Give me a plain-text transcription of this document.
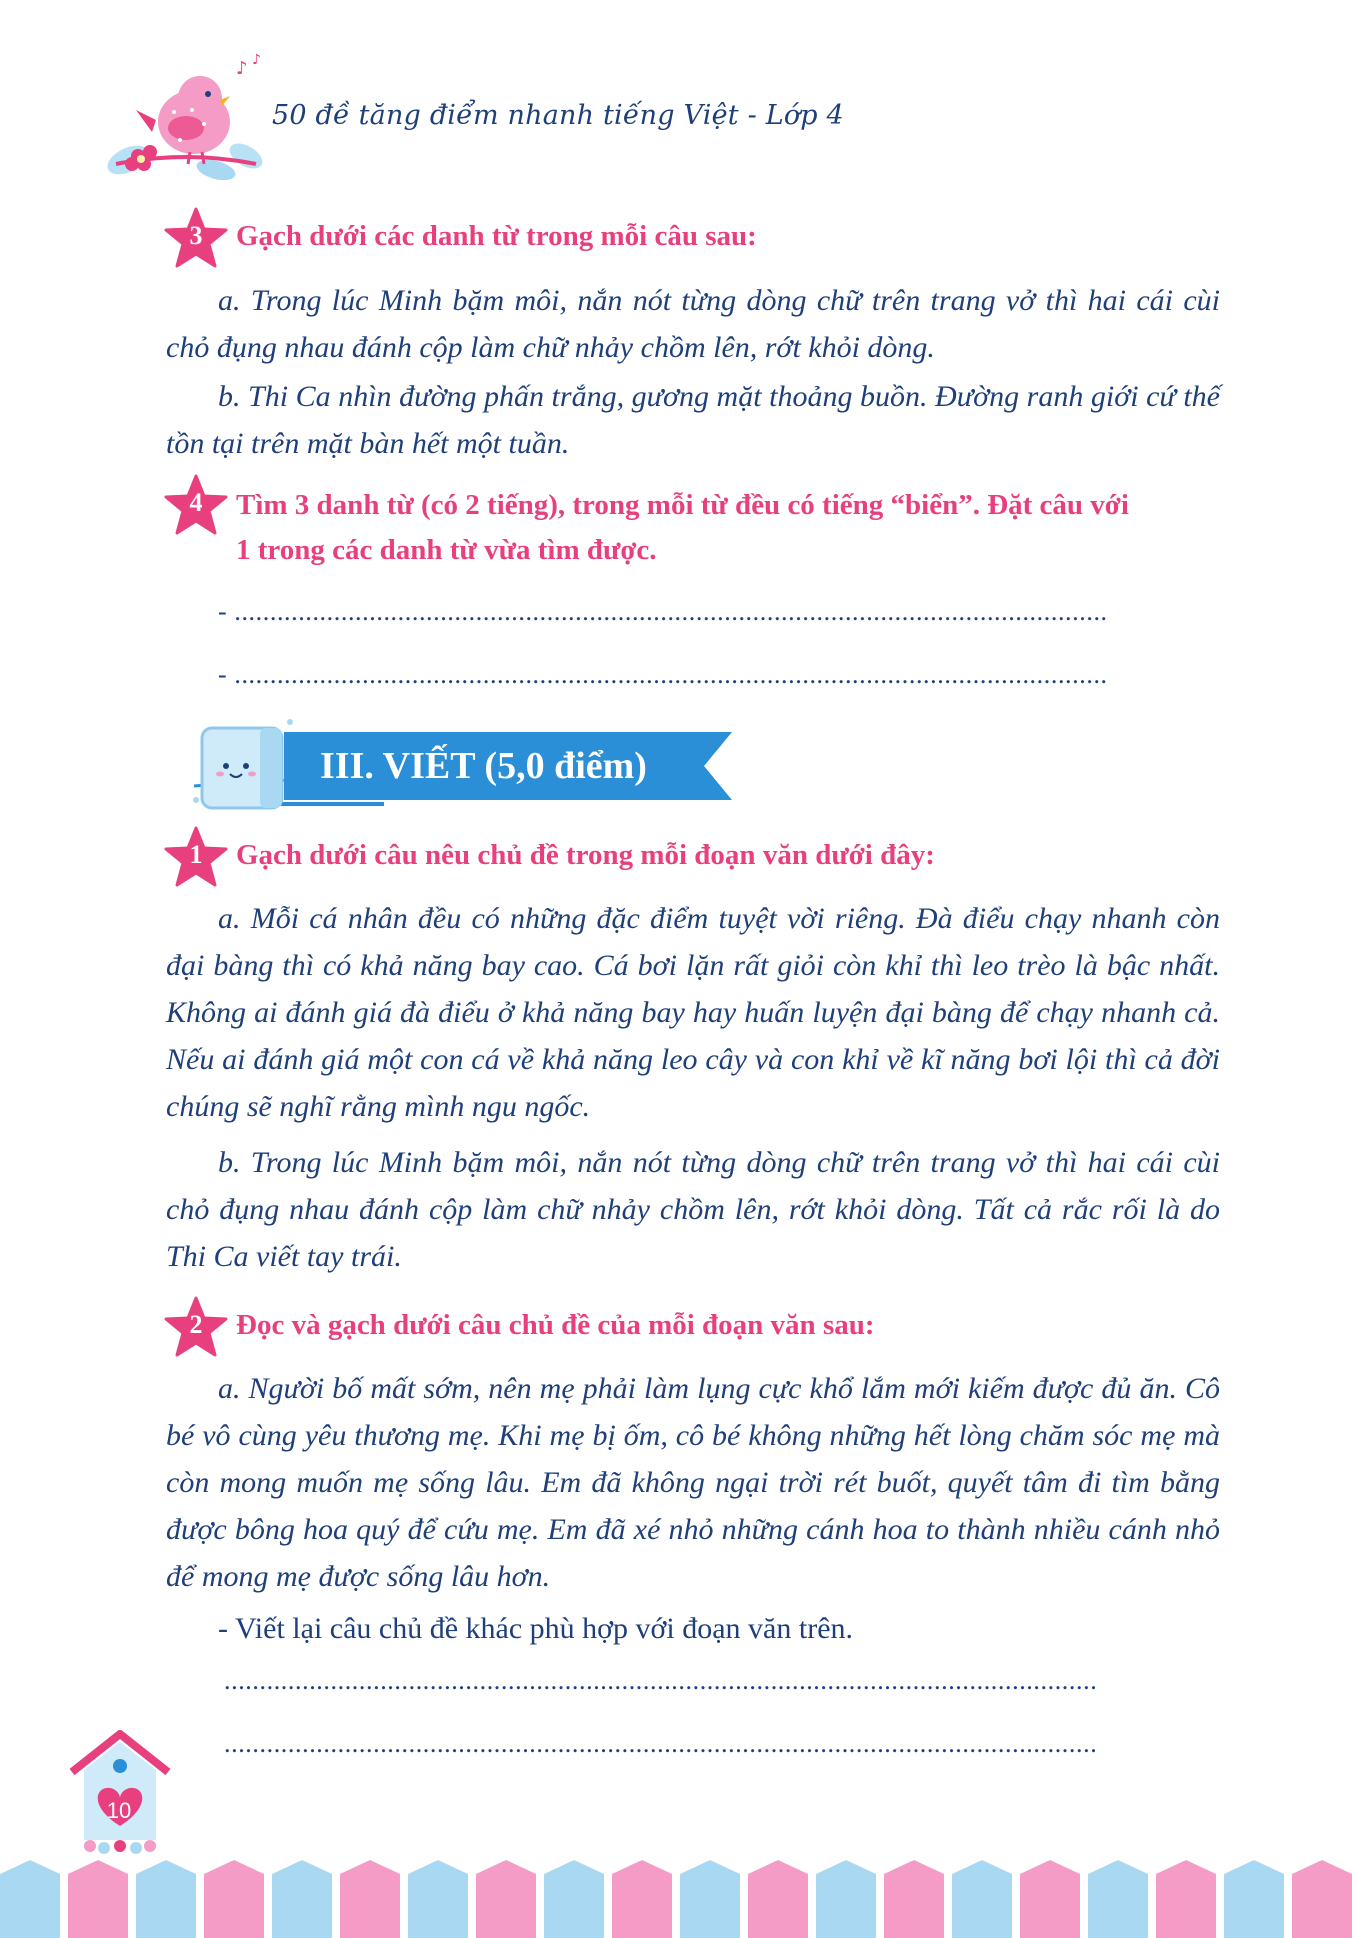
♪ ♪
50 đề tăng điểm nhanh tiếng Việt - Lớp 4
3	Gạch dưới các danh từ trong mỗi câu sau:
a. Trong lúc Minh bặm môi, nắn nót từng dòng chữ trên trang vở thì hai cái cùi chỏ đụng nhau đánh cộp làm chữ nhảy chồm lên, rớt khỏi dòng.
b. Thi Ca nhìn đường phấn trắng, gương mặt thoảng buồn. Đường ranh giới cứ thế tồn tại trên mặt bàn hết một tuần.
4	Tìm 3 danh từ (có 2 tiếng), trong mỗi từ đều có tiếng “biển”. Đặt câu với
1 trong các danh từ vừa tìm được.
- ...........................................................................................................................
- ...........................................................................................................................
III. VIẾT (5,0 điểm)
1	Gạch dưới câu nêu chủ đề trong mỗi đoạn văn dưới đây:
a. Mỗi cá nhân đều có những đặc điểm tuyệt vời riêng. Đà điểu chạy nhanh còn đại bàng thì có khả năng bay cao. Cá bơi lặn rất giỏi còn khỉ thì leo trèo là bậc nhất. Không ai đánh giá đà điểu ở khả năng bay hay huấn luyện đại bàng để chạy nhanh cả. Nếu ai đánh giá một con cá về khả năng leo cây và con khỉ về kĩ năng bơi lội thì cả đời chúng sẽ nghĩ rằng mình ngu ngốc.
b. Trong lúc Minh bặm môi, nắn nót từng dòng chữ trên trang vở thì hai cái cùi chỏ đụng nhau đánh cộp làm chữ nhảy chồm lên, rớt khỏi dòng. Tất cả rắc rối là do Thi Ca viết tay trái.
2	Đọc và gạch dưới câu chủ đề của mỗi đoạn văn sau:
a. Người bố mất sớm, nên mẹ phải làm lụng cực khổ lắm mới kiếm được đủ ăn. Cô bé vô cùng yêu thương mẹ. Khi mẹ bị ốm, cô bé không những hết lòng chăm sóc mẹ mà còn mong muốn mẹ sống lâu. Em đã không ngại trời rét buốt, quyết tâm đi tìm bằng được bông hoa quý để cứu mẹ. Em đã xé nhỏ những cánh hoa to thành nhiều cánh nhỏ để mong mẹ được sống lâu hơn.
- Viết lại câu chủ đề khác phù hợp với đoạn văn trên.
...........................................................................................................................
...........................................................................................................................
10
